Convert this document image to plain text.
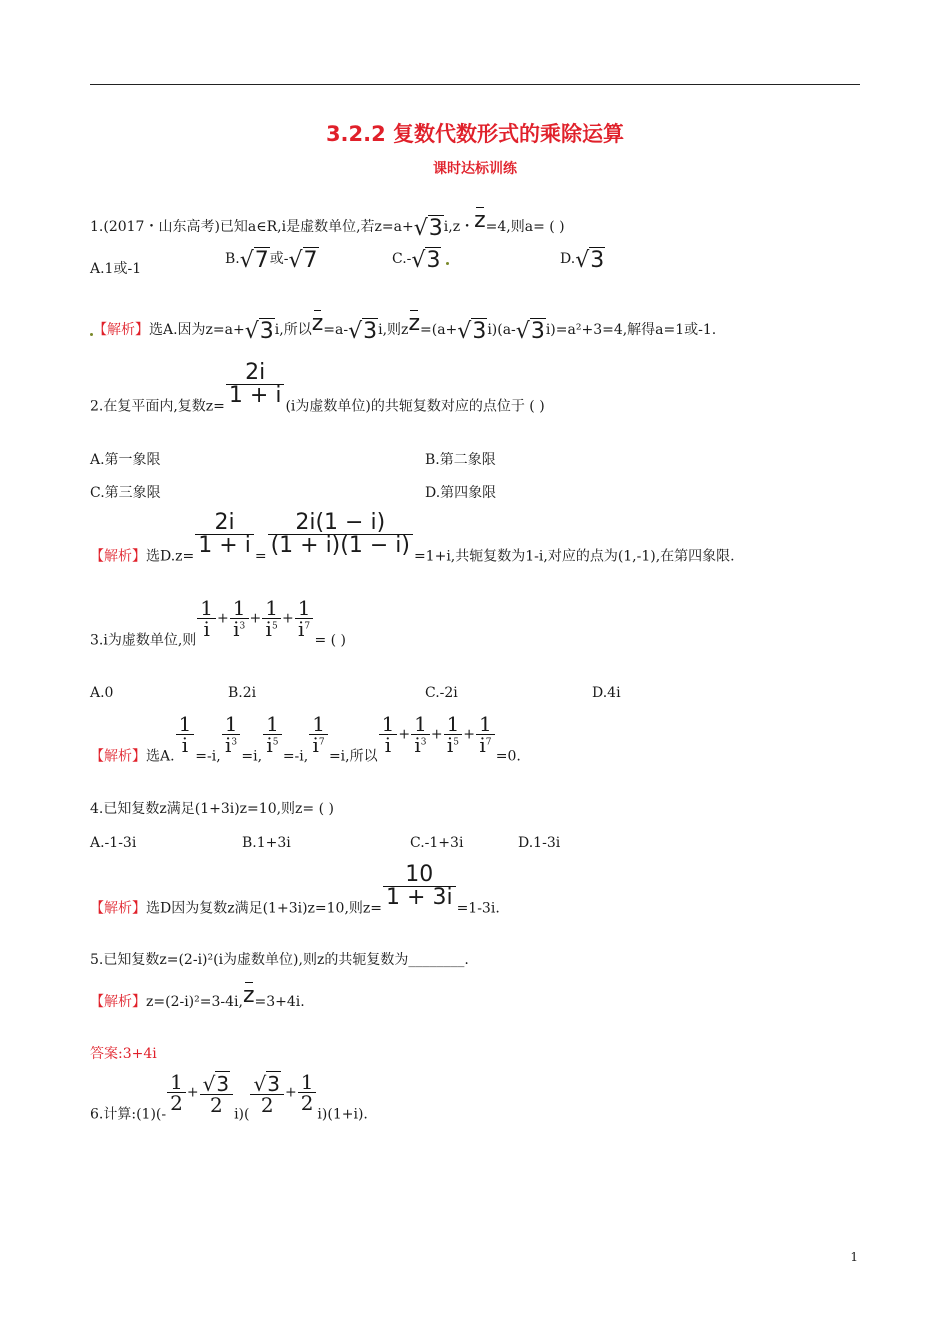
3.2.2 复数代数形式的乘除运算
课时达标训练
1.(2017・山东高考)已知a∈R,i是虚数单位,若z=a+√3i,z・z=4,则a= ( )
A.1或-1
B.√7或-√7	C.-√3	D.√3
【解析】选A.因为z=a+√3i,所以z=a-√3i,则zz=(a+√3i)(a-√3i)=a²+3=4,解得a=1或-1.
2.在复平面内,复数$z= \frac{2i}{1 + i} (i$为虚数单位)的共轭复数对应的点位于 ( )
A.第一象限	B.第二象限
C.第三象限	D.第四象限
【解析】选$D.z= \frac{2i}{1 + i} = \frac{2i(1 - i)}{(1 + i)(1 - i)} =1+i$,共轭复数为1-i,对应的点为(1,-1),在第四象限.
3.i为虚数单位,则
$\frac{1}{i} + \frac{1}{i^3} + \frac{1}{i^5} + \frac{1}{i^7}$
= ( )
A.0	B.2i	C.-2i	D.4i
【解析】选A.
$\frac{1}{i}$
=-i,
$\frac{1}{i^3}$
=i,
$\frac{1}{i^5}$
=-i,
$\frac{1}{i^7}$
=i,所以
$\frac{1}{i} + \frac{1}{i^3} + \frac{1}{i^5} + \frac{1}{i^7}$
=0.
4.已知复数z满足(1+3i)z=10,则z= ( )
A.-1-3i	B.1+3i	C.-1+3i	D.1-3i
【解析】选D因为复数z满足(1+3i)z=10,则$z= \frac{10}{1 + 3i} =1-3i$.
5.已知复数z=(2-i)²(i为虚数单位),则z的共轭复数为________.
【解析】z=(2-i)²=3-4i,z=3+4i.
答案:3+4i
6.计算:(1)(-
$\frac{1}{2} + \frac{√3}{2} i)( \frac{√3}{2} + \frac{1}{2}$
i)(1+i).
1
